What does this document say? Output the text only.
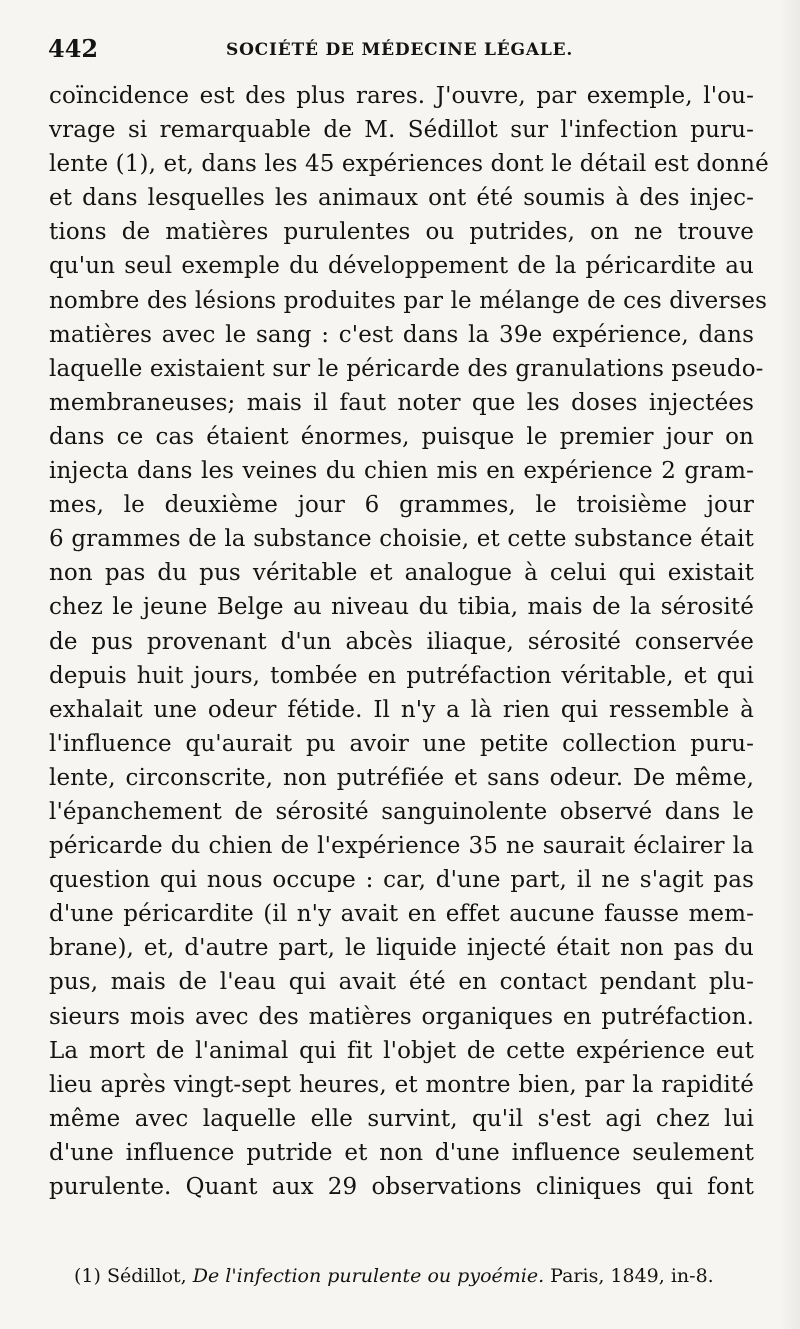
442	SOCIÉTÉ DE MÉDECINE LÉGALE.
coïncidence est des plus rares. J'ouvre, par exemple, l'ou-
vrage si remarquable de M. Sédillot sur l'infection puru-
lente (1), et, dans les 45 expériences dont le détail est donné
et dans lesquelles les animaux ont été soumis à des injec-
tions de matières purulentes ou putrides, on ne trouve
qu'un seul exemple du développement de la péricardite au
nombre des lésions produites par le mélange de ces diverses
matières avec le sang : c'est dans la 39e expérience, dans
laquelle existaient sur le péricarde des granulations pseudo-
membraneuses; mais il faut noter que les doses injectées
dans ce cas étaient énormes, puisque le premier jour on
injecta dans les veines du chien mis en expérience 2 gram-
mes, le deuxième jour 6 grammes, le troisième jour
6 grammes de la substance choisie, et cette substance était
non pas du pus véritable et analogue à celui qui existait
chez le jeune Belge au niveau du tibia, mais de la sérosité
de pus provenant d'un abcès iliaque, sérosité conservée
depuis huit jours, tombée en putréfaction véritable, et qui
exhalait une odeur fétide. Il n'y a là rien qui ressemble à
l'influence qu'aurait pu avoir une petite collection puru-
lente, circonscrite, non putréfiée et sans odeur. De même,
l'épanchement de sérosité sanguinolente observé dans le
péricarde du chien de l'expérience 35 ne saurait éclairer la
question qui nous occupe : car, d'une part, il ne s'agit pas
d'une péricardite (il n'y avait en effet aucune fausse mem-
brane), et, d'autre part, le liquide injecté était non pas du
pus, mais de l'eau qui avait été en contact pendant plu-
sieurs mois avec des matières organiques en putréfaction.
La mort de l'animal qui fit l'objet de cette expérience eut
lieu après vingt-sept heures, et montre bien, par la rapidité
même avec laquelle elle survint, qu'il s'est agi chez lui
d'une influence putride et non d'une influence seulement
purulente. Quant aux 29 observations cliniques qui font
(1) Sédillot, De l'infection purulente ou pyoémie. Paris, 1849, in-8.
